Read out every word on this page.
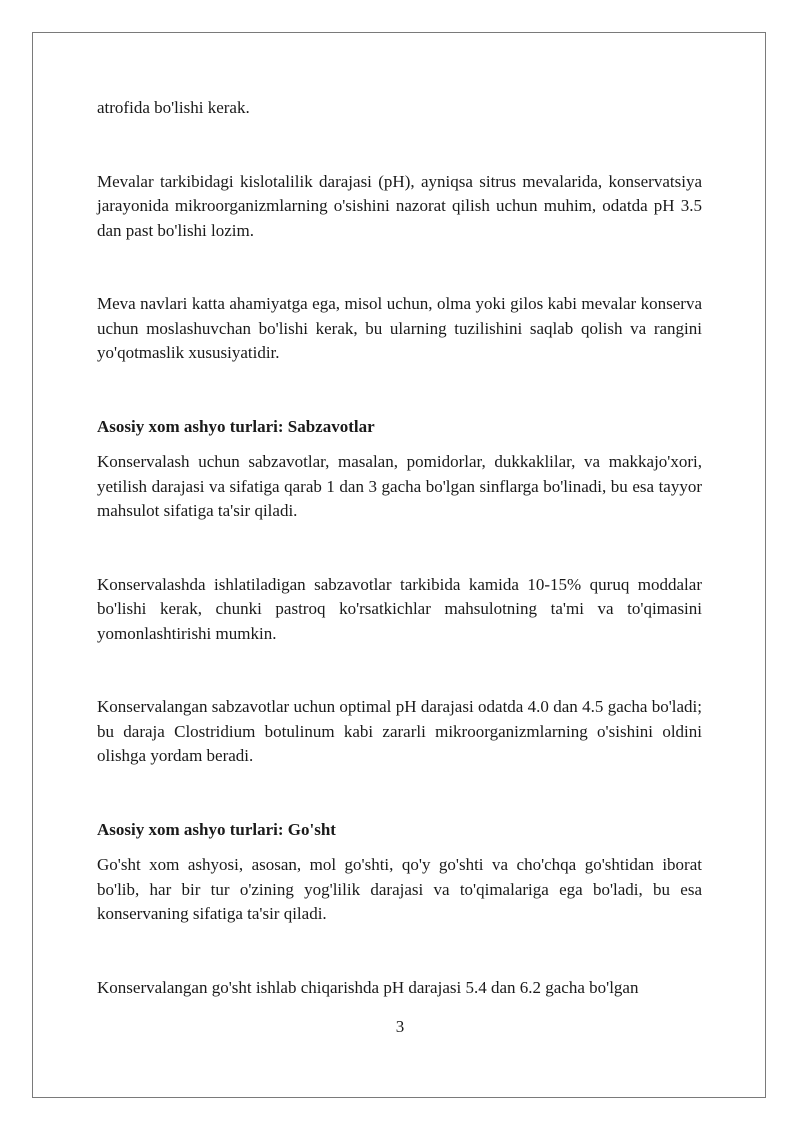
atrofida bo'lishi kerak.

Mevalar tarkibidagi kislotalilik darajasi (pH), ayniqsa sitrus mevalarida, konservatsiya jarayonida mikroorganizmlarning o'sishini nazorat qilish uchun muhim, odatda pH 3.5 dan past bo'lishi lozim.

Meva navlari katta ahamiyatga ega, misol uchun, olma yoki gilos kabi mevalar konserva uchun moslashuvchan bo'lishi kerak, bu ularning tuzilishini saqlab qolish va rangini yo'qotmaslik xususiyatidir.

Asosiy xom ashyo turlari: Sabzavotlar

Konservalash uchun sabzavotlar, masalan, pomidorlar, dukkaklilar, va makkajo'xori, yetilish darajasi va sifatiga qarab 1 dan 3 gacha bo'lgan sinflarga bo'linadi, bu esa tayyor mahsulot sifatiga ta'sir qiladi.

Konservalashda ishlatiladigan sabzavotlar tarkibida kamida 10-15% quruq moddalar bo'lishi kerak, chunki pastroq ko'rsatkichlar mahsulotning ta'mi va to'qimasini yomonlashtirishi mumkin.

Konservalangan sabzavotlar uchun optimal pH darajasi odatda 4.0 dan 4.5 gacha bo'ladi; bu daraja Clostridium botulinum kabi zararli mikroorganizmlarning o'sishini oldini olishga yordam beradi.

Asosiy xom ashyo turlari: Go'sht

Go'sht xom ashyosi, asosan, mol go'shti, qo'y go'shti va cho'chqa go'shtidan iborat bo'lib, har bir tur o'zining yog'lilik darajasi va to'qimalariga ega bo'ladi, bu esa konservaning sifatiga ta'sir qiladi.

Konservalangan go'sht ishlab chiqarishda pH darajasi 5.4 dan 6.2 gacha bo'lgan

3
